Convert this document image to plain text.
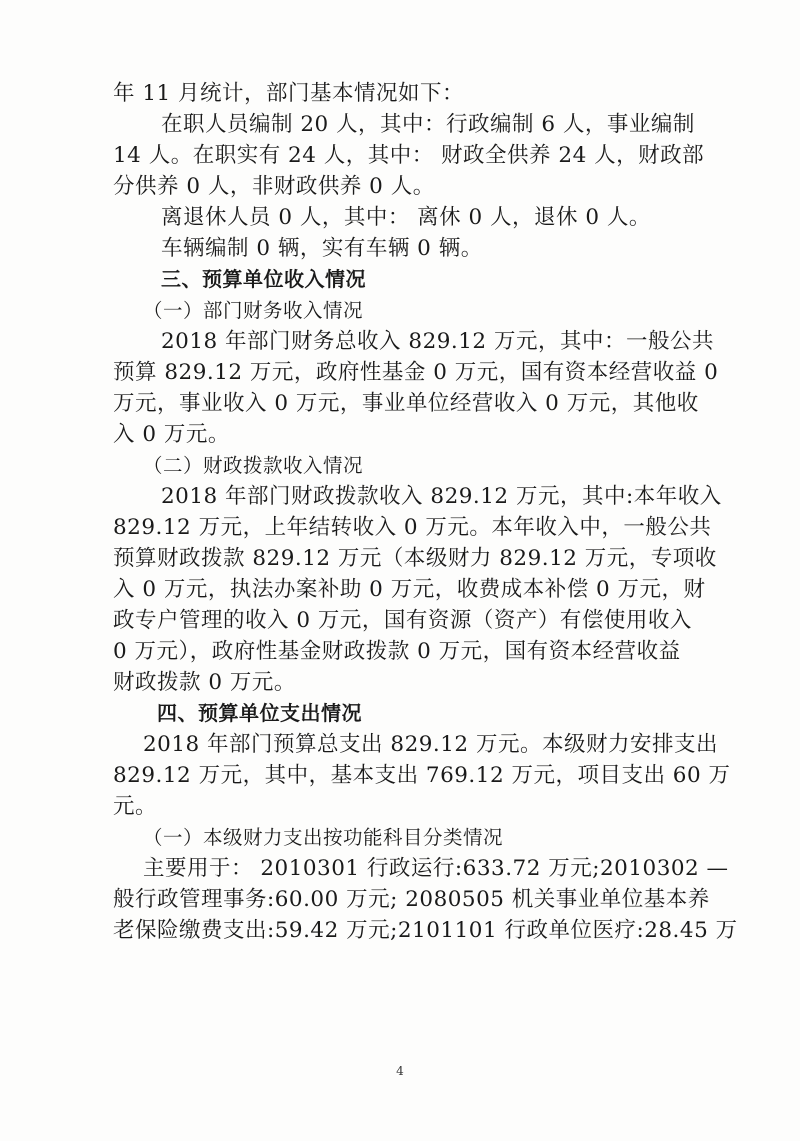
年 11 月统计，部门基本情况如下：
在职人员编制 20 人，其中：行政编制 6 人，事业编制
14 人。在职实有 24 人，其中： 财政全供养 24 人，财政部
分供养 0 人，非财政供养 0 人。
离退休人员 0 人，其中： 离休 0 人，退休 0 人。
车辆编制 0 辆，实有车辆 0 辆。
三、预算单位收入情况
（一）部门财务收入情况
2018 年部门财务总收入 829.12 万元，其中：一般公共
预算 829.12 万元，政府性基金 0 万元，国有资本经营收益 0
万元，事业收入 0 万元，事业单位经营收入 0 万元，其他收
入 0 万元。
（二）财政拨款收入情况
2018 年部门财政拨款收入 829.12 万元，其中:本年收入
829.12 万元，上年结转收入 0 万元。本年收入中，一般公共
预算财政拨款 829.12 万元（本级财力 829.12 万元，专项收
入 0 万元，执法办案补助 0 万元，收费成本补偿 0 万元，财
政专户管理的收入 0 万元，国有资源（资产）有偿使用收入
0 万元），政府性基金财政拨款 0 万元，国有资本经营收益
财政拨款 0 万元。
四、预算单位支出情况
2018 年部门预算总支出 829.12 万元。本级财力安排支出
829.12 万元，其中，基本支出 769.12 万元，项目支出 60 万
元。
（一）本级财力支出按功能科目分类情况
主要用于： 2010301 行政运行:633.72 万元;2010302 —
般行政管理事务:60.00 万元; 2080505 机关事业单位基本养
老保险缴费支出:59.42 万元;2101101 行政单位医疗:28.45 万
4
